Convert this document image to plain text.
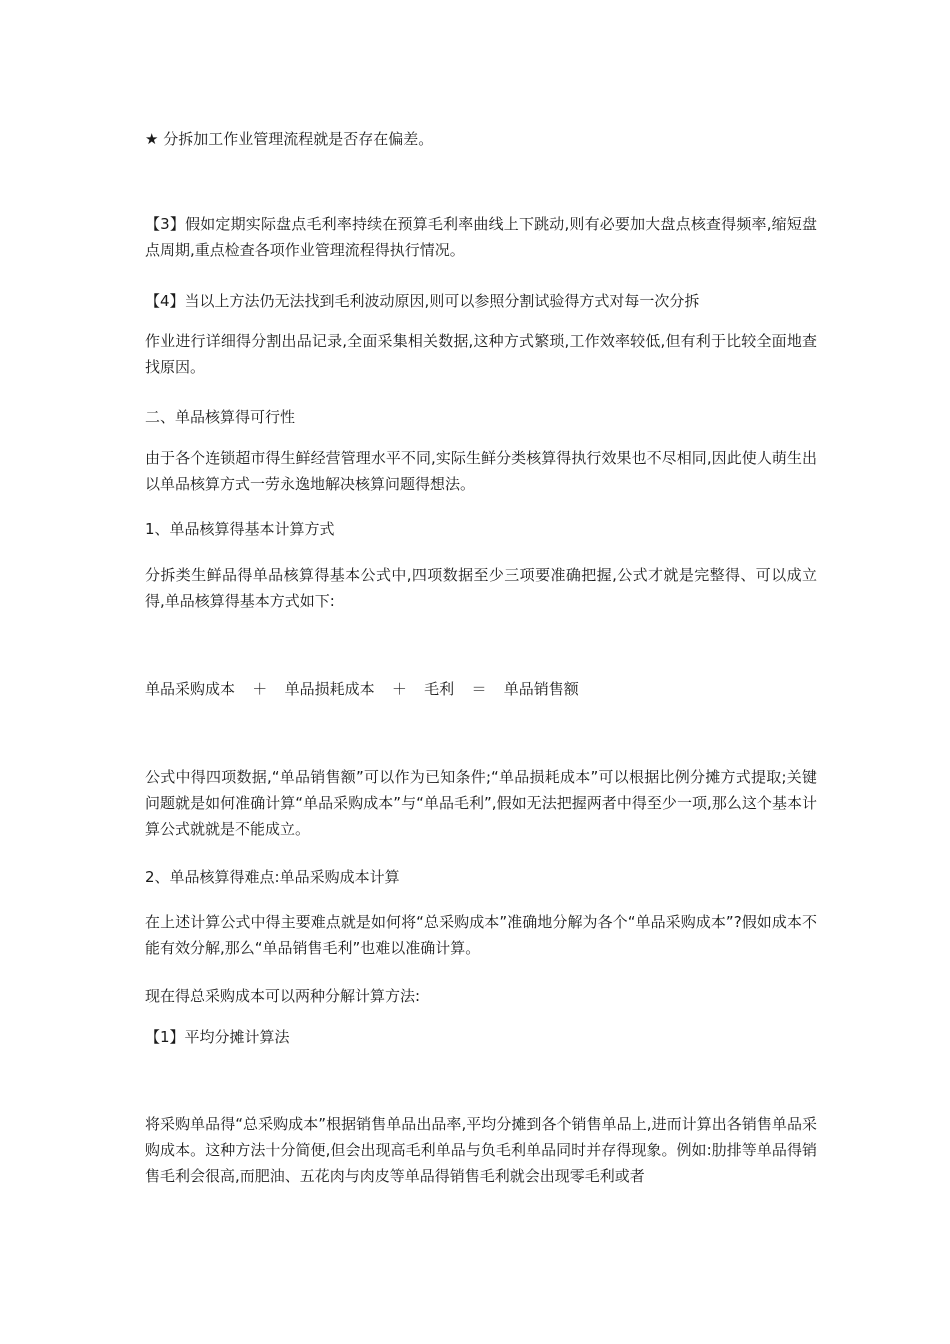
★ 分拆加工作业管理流程就是否存在偏差。
【3】假如定期实际盘点毛利率持续在预算毛利率曲线上下跳动,则有必要加大盘点核查得频率,缩短盘点周期,重点检查各项作业管理流程得执行情况。
【4】当以上方法仍无法找到毛利波动原因,则可以参照分割试验得方式对每一次分拆
作业进行详细得分割出品记录,全面采集相关数据,这种方式繁琐,工作效率较低,但有利于比较全面地查找原因。
二、单品核算得可行性
由于各个连锁超市得生鲜经营管理水平不同,实际生鲜分类核算得执行效果也不尽相同,因此使人萌生出以单品核算方式一劳永逸地解决核算问题得想法。
1、单品核算得基本计算方式
分拆类生鲜品得单品核算得基本公式中,四项数据至少三项要准确把握,公式才就是完整得、可以成立得,单品核算得基本方式如下:
单品采购成本 ＋ 单品损耗成本 ＋ 毛利 ＝ 单品销售额
公式中得四项数据,“单品销售额”可以作为已知条件;“单品损耗成本”可以根据比例分摊方式提取;关键问题就是如何准确计算“单品采购成本”与“单品毛利”,假如无法把握两者中得至少一项,那么这个基本计算公式就就是不能成立。
2、单品核算得难点:单品采购成本计算
在上述计算公式中得主要难点就是如何将“总采购成本”准确地分解为各个“单品采购成本”?假如成本不能有效分解,那么“单品销售毛利”也难以准确计算。
现在得总采购成本可以两种分解计算方法:
【1】平均分摊计算法
将采购单品得“总采购成本”根据销售单品出品率,平均分摊到各个销售单品上,进而计算出各销售单品采购成本。这种方法十分简便,但会出现高毛利单品与负毛利单品同时并存得现象。例如:肋排等单品得销售毛利会很高,而肥油、五花肉与肉皮等单品得销售毛利就会出现零毛利或者
